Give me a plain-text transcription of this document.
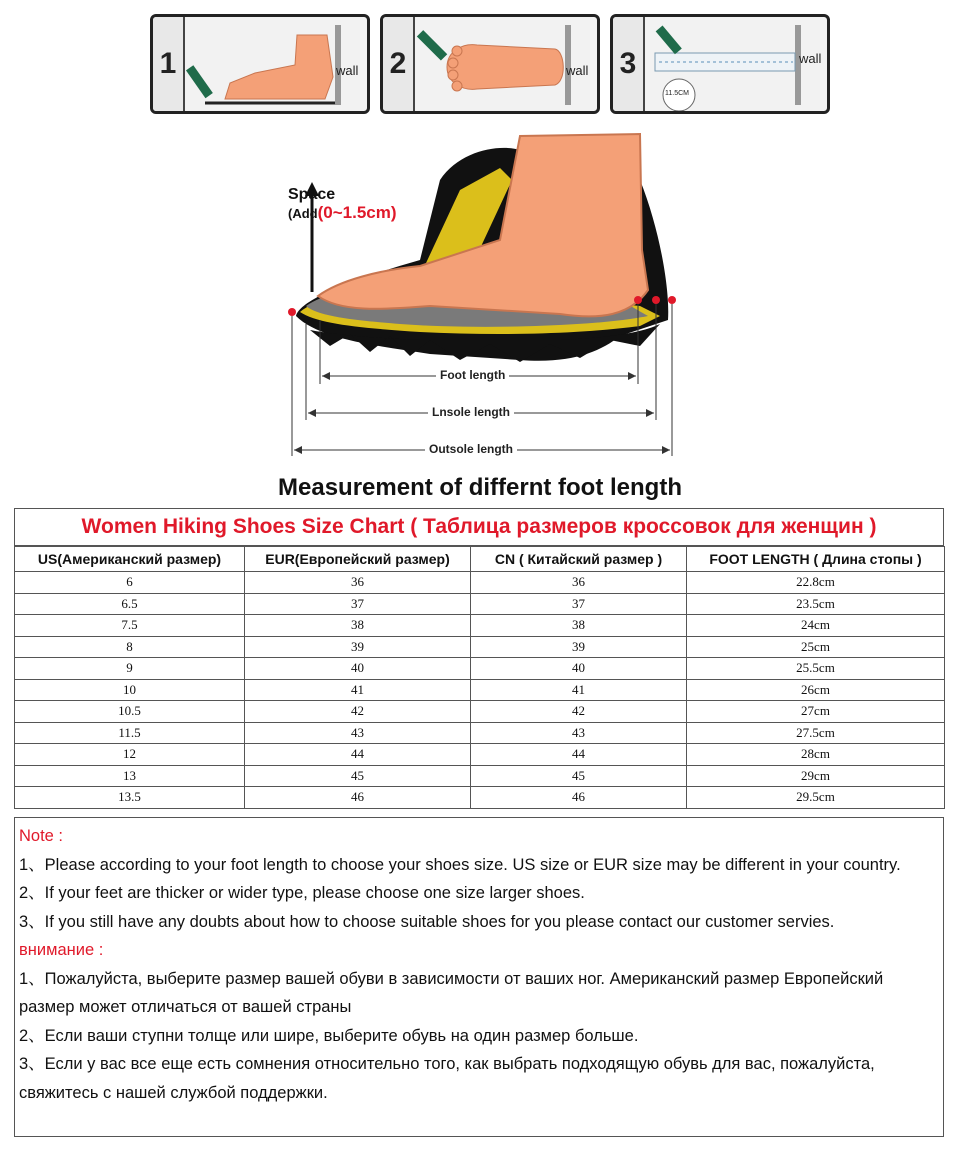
1	wall 2	wall 3	wall
11.5CM
Foot length
Lnsole length
Outsole length
Space
(Add(0~1.5cm)
Measurement of differnt foot length
Women Hiking Shoes Size Chart ( Таблица размеров кроссовок для женщин )
US(Американский размер)	EUR(Европейский размер)	CN ( Китайский размер )	FOOT LENGTH ( Длина стопы )
6	36	36	22.8cm
6.5	37	37	23.5cm
7.5	38	38	24cm
8	39	39	25cm
9	40	40	25.5cm
10	41	41	26cm
10.5	42	42	27cm
11.5	43	43	27.5cm
12	44	44	28cm
13	45	45	29cm
13.5	46	46	29.5cm

Note :

1、Please according to your foot length to choose your shoes size. US size or EUR size may be different in your country.

2、If your feet are thicker or wider type, please choose one size larger shoes.

3、If you still have any doubts about how to choose suitable shoes for you please contact our customer servies.

внимание :

1、Пожалуйста, выберите размер вашей обуви в зависимости от ваших ног. Американский размер Европейский размер может отличаться от вашей страны

2、Если ваши ступни толще или шире, выберите обувь на один размер больше.

3、Если у вас все еще есть сомнения относительно того, как выбрать подходящую обувь для вас, пожалуйста, свяжитесь с нашей службой поддержки.
